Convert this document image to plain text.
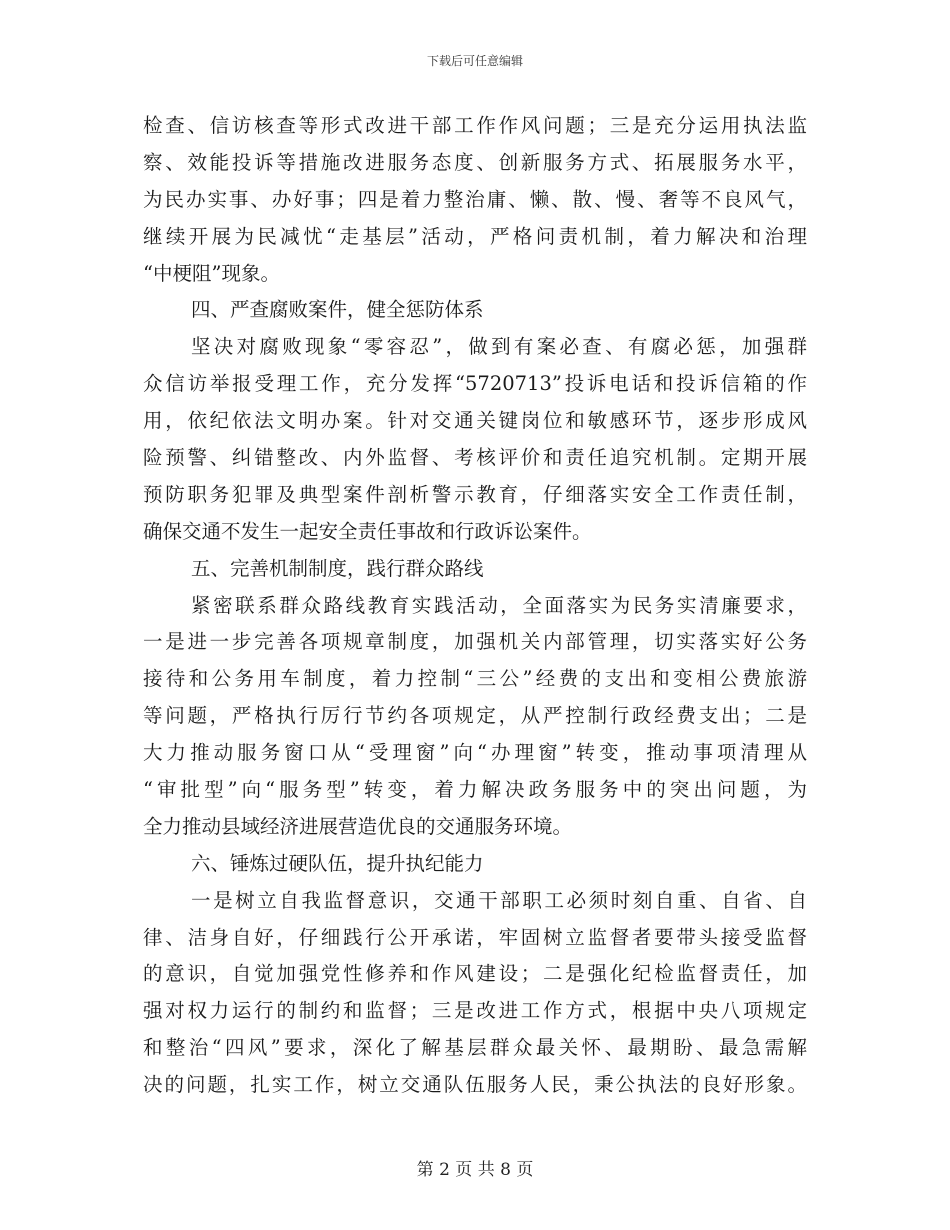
下载后可任意编辑
检查、信访核查等形式改进干部工作作风问题；三是充分运用执法监
察、效能投诉等措施改进服务态度、创新服务方式、拓展服务水平，
为民办实事、办好事；四是着力整治庸、懒、散、慢、奢等不良风气，
继续开展为民减忧“走基层”活动，严格问责机制，着力解决和治理
“中梗阻”现象。
四、严查腐败案件，健全惩防体系
坚决对腐败现象“零容忍”，做到有案必查、有腐必惩，加强群
众信访举报受理工作，充分发挥“5720713”投诉电话和投诉信箱的作
用，依纪依法文明办案。针对交通关键岗位和敏感环节，逐步形成风
险预警、纠错整改、内外监督、考核评价和责任追究机制。定期开展
预防职务犯罪及典型案件剖析警示教育，仔细落实安全工作责任制，
确保交通不发生一起安全责任事故和行政诉讼案件。
五、完善机制制度，践行群众路线
紧密联系群众路线教育实践活动，全面落实为民务实清廉要求，
一是进一步完善各项规章制度，加强机关内部管理，切实落实好公务
接待和公务用车制度，着力控制“三公”经费的支出和变相公费旅游
等问题，严格执行厉行节约各项规定，从严控制行政经费支出；二是
大力推动服务窗口从“受理窗”向“办理窗”转变，推动事项清理从
“审批型”向“服务型”转变，着力解决政务服务中的突出问题，为
全力推动县域经济进展营造优良的交通服务环境。
六、锤炼过硬队伍，提升执纪能力
一是树立自我监督意识，交通干部职工必须时刻自重、自省、自
律、洁身自好，仔细践行公开承诺，牢固树立监督者要带头接受监督
的意识，自觉加强党性修养和作风建设；二是强化纪检监督责任，加
强对权力运行的制约和监督；三是改进工作方式，根据中央八项规定
和整治“四风”要求，深化了解基层群众最关怀、最期盼、最急需解
决的问题，扎实工作，树立交通队伍服务人民，秉公执法的良好形象。
第 2 页 共 8 页
